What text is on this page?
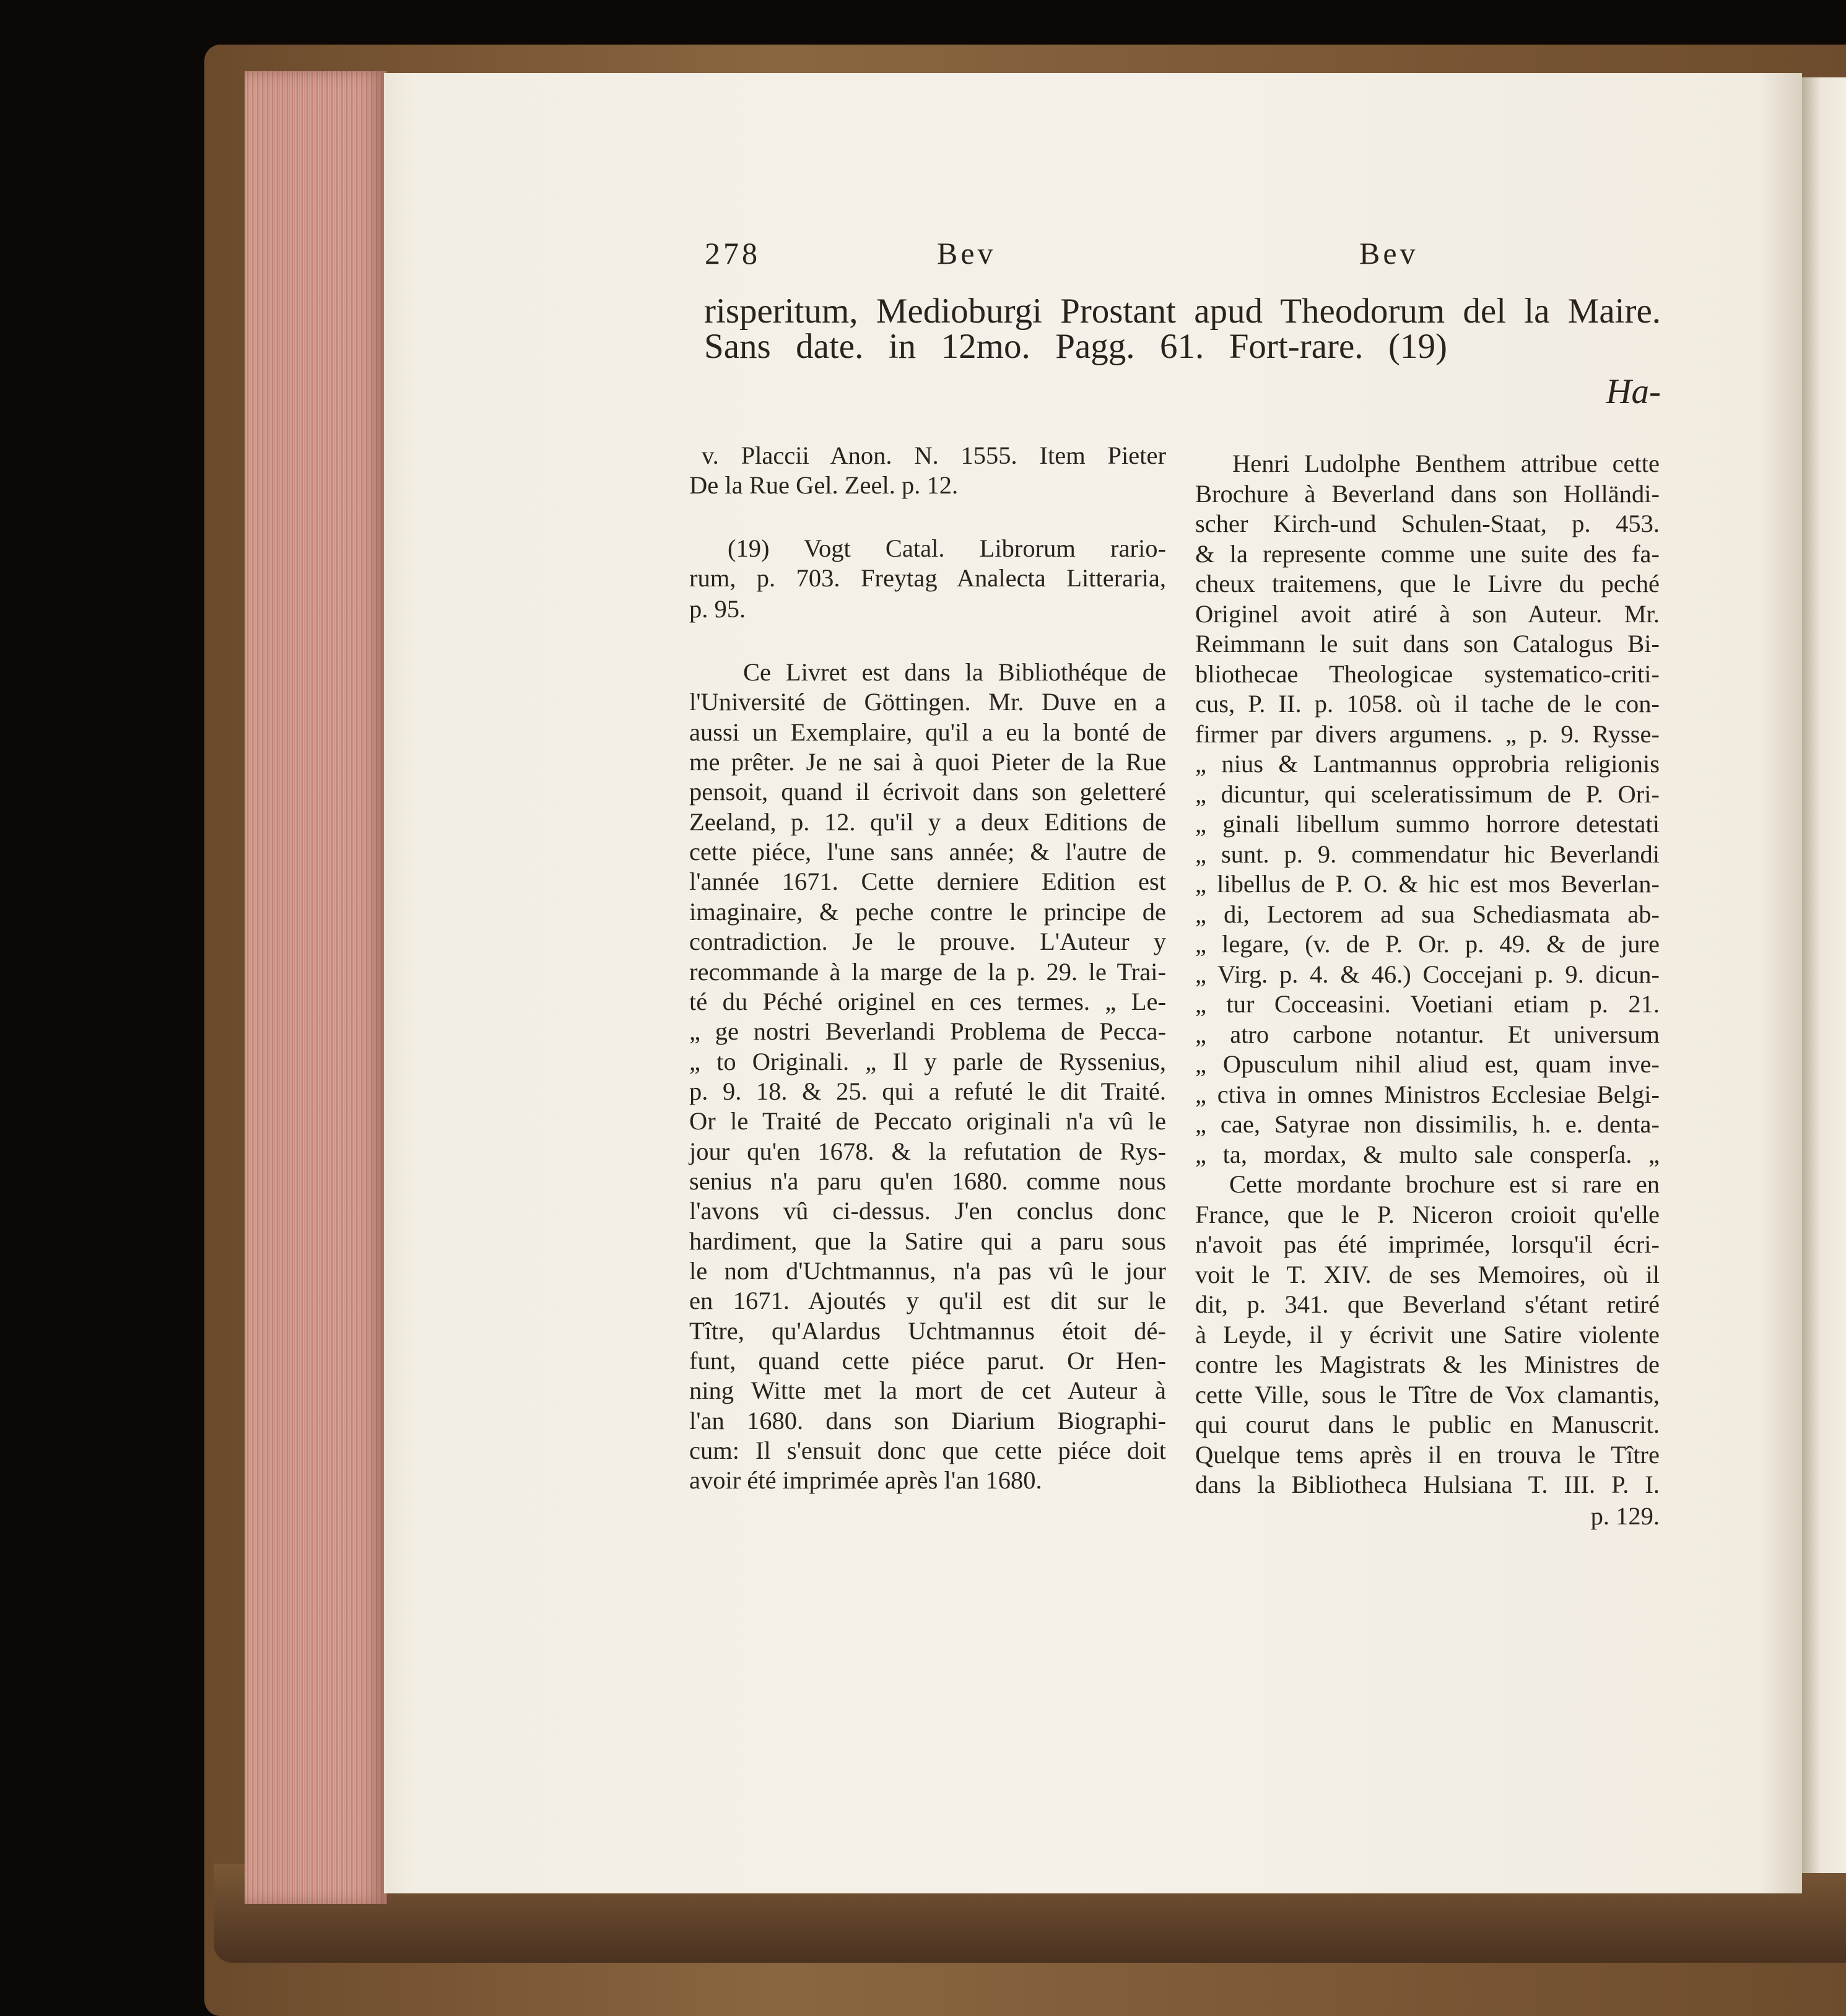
278	Bev	Bev
risperitum, Medioburgi Prostant apud Theodorum del la Maire.
Sans date. in 12mo. Pagg. 61. Fort-rare. (19)
Ha-
v. Placcii Anon. N. 1555. Item Pieter
De la Rue Gel. Zeel. p. 12.
(19) Vogt Catal. Librorum rario-
rum, p. 703. Freytag Analecta Litteraria,
p. 95.
Ce Livret est dans la Bibliothéque de
l'Université de Göttingen. Mr. Duve en a
aussi un Exemplaire, qu'il a eu la bonté de
me prêter. Je ne sai à quoi Pieter de la Rue
pensoit, quand il écrivoit dans son geletteré
Zeeland, p. 12. qu'il y a deux Editions de
cette piéce, l'une sans année; & l'autre de
l'année 1671. Cette derniere Edition est
imaginaire, & peche contre le principe de
contradiction. Je le prouve. L'Auteur y
recommande à la marge de la p. 29. le Trai-
té du Péché originel en ces termes. „ Le-
„ ge nostri Beverlandi Problema de Pecca-
„ to Originali. „ Il y parle de Ryssenius,
p. 9. 18. & 25. qui a refuté le dit Traité.
Or le Traité de Peccato originali n'a vû le
jour qu'en 1678. & la refutation de Rys-
senius n'a paru qu'en 1680. comme nous
l'avons vû ci-dessus. J'en conclus donc
hardiment, que la Satire qui a paru sous
le nom d'Uchtmannus, n'a pas vû le jour
en 1671. Ajoutés y qu'il est dit sur le
Tître, qu'Alardus Uchtmannus étoit dé-
funt, quand cette piéce parut. Or Hen-
ning Witte met la mort de cet Auteur à
l'an 1680. dans son Diarium Biographi-
cum: Il s'ensuit donc que cette piéce doit
avoir été imprimée après l'an 1680.
Henri Ludolphe Benthem attribue cette
Brochure à Beverland dans son Holländi-
scher Kirch-und Schulen-Staat, p. 453.
& la represente comme une suite des fa-
cheux traitemens, que le Livre du peché
Originel avoit atiré à son Auteur. Mr.
Reimmann le suit dans son Catalogus Bi-
bliothecae Theologicae systematico-criti-
cus, P. II. p. 1058. où il tache de le con-
firmer par divers argumens. „ p. 9. Rysse-
„ nius & Lantmannus opprobria religionis
„ dicuntur, qui sceleratissimum de P. Ori-
„ ginali libellum summo horrore detestati
„ sunt. p. 9. commendatur hic Beverlandi
„ libellus de P. O. & hic est mos Beverlan-
„ di, Lectorem ad sua Schediasmata ab-
„ legare, (v. de P. Or. p. 49. & de jure
„ Virg. p. 4. & 46.) Coccejani p. 9. dicun-
„ tur Cocceasini. Voetiani etiam p. 21.
„ atro carbone notantur. Et universum
„ Opusculum nihil aliud est, quam inve-
„ ctiva in omnes Ministros Ecclesiae Belgi-
„ cae, Satyrae non dissimilis, h. e. denta-
„ ta, mordax, & multo sale consperſa. „
Cette mordante brochure est si rare en
France, que le P. Niceron croioit qu'elle
n'avoit pas été imprimée, lorsqu'il écri-
voit le T. XIV. de ses Memoires, où il
dit, p. 341. que Beverland s'étant retiré
à Leyde, il y écrivit une Satire violente
contre les Magistrats & les Ministres de
cette Ville, sous le Tître de Vox clamantis,
qui courut dans le public en Manuscrit.
Quelque tems après il en trouva le Tître
dans la Bibliotheca Hulsiana T. III. P. I.
p. 129.
